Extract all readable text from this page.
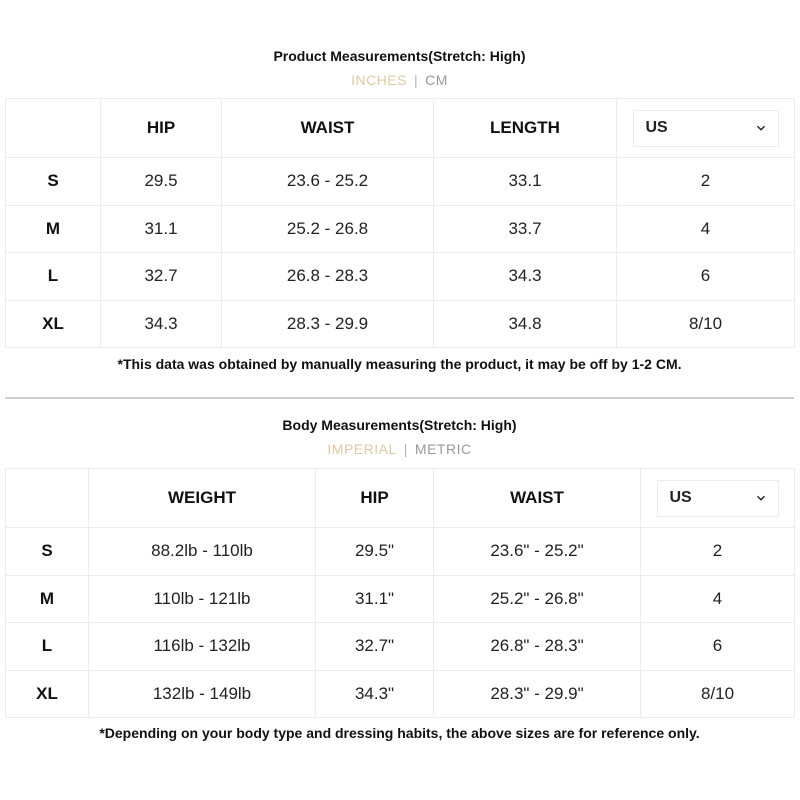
Product Measurements(Stretch: High)
INCHES | CM
	HIP	WAIST	LENGTH	US

S	29.5	23.6 - 25.2	33.1	2
M	31.1	25.2 - 26.8	33.7	4
L	32.7	26.8 - 28.3	34.3	6
XL	34.3	28.3 - 29.9	34.8	8/10
*This data was obtained by manually measuring the product, it may be off by 1-2 CM.
Body Measurements(Stretch: High)
IMPERIAL | METRIC
	WEIGHT	HIP	WAIST	US

S	88.2lb - 110lb	29.5"	23.6" - 25.2"	2
M	110lb - 121lb	31.1"	25.2" - 26.8"	4
L	116lb - 132lb	32.7"	26.8" - 28.3"	6
XL	132lb - 149lb	34.3"	28.3" - 29.9"	8/10
*Depending on your body type and dressing habits, the above sizes are for reference only.
